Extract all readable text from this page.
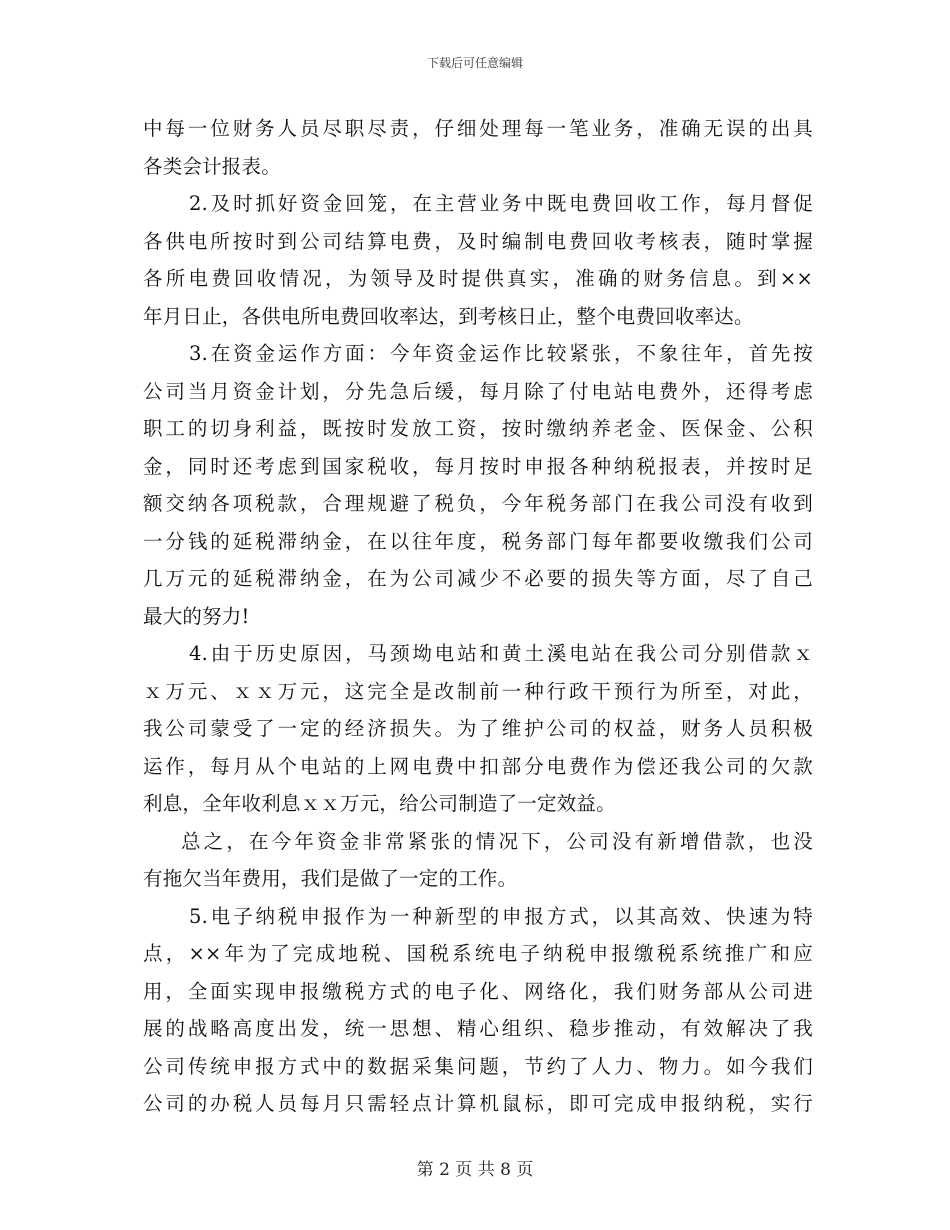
下载后可任意编辑
中每一位财务人员尽职尽责，仔细处理每一笔业务，准确无误的出具
各类会计报表。
2.及时抓好资金回笼，在主营业务中既电费回收工作，每月督促
各供电所按时到公司结算电费，及时编制电费回收考核表，随时掌握
各所电费回收情况，为领导及时提供真实，准确的财务信息。到××
年月日止，各供电所电费回收率达，到考核日止，整个电费回收率达。
3.在资金运作方面：今年资金运作比较紧张，不象往年，首先按
公司当月资金计划，分先急后缓，每月除了付电站电费外，还得考虑
职工的切身利益，既按时发放工资，按时缴纳养老金、医保金、公积
金，同时还考虑到国家税收，每月按时申报各种纳税报表，并按时足
额交纳各项税款，合理规避了税负，今年税务部门在我公司没有收到
一分钱的延税滞纳金，在以往年度，税务部门每年都要收缴我们公司
几万元的延税滞纳金，在为公司减少不必要的损失等方面，尽了自己
最大的努力!
4.由于历史原因，马颈坳电站和黄土溪电站在我公司分别借款ｘ
ｘ万元、ｘｘ万元，这完全是改制前一种行政干预行为所至，对此，
我公司蒙受了一定的经济损失。为了维护公司的权益，财务人员积极
运作，每月从个电站的上网电费中扣部分电费作为偿还我公司的欠款
利息，全年收利息ｘｘ万元，给公司制造了一定效益。
总之，在今年资金非常紧张的情况下，公司没有新增借款，也没
有拖欠当年费用，我们是做了一定的工作。
5.电子纳税申报作为一种新型的申报方式，以其高效、快速为特
点，××年为了完成地税、国税系统电子纳税申报缴税系统推广和应
用，全面实现申报缴税方式的电子化、网络化，我们财务部从公司进
展的战略高度出发，统一思想、精心组织、稳步推动，有效解决了我
公司传统申报方式中的数据采集问题，节约了人力、物力。如今我们
公司的办税人员每月只需轻点计算机鼠标，即可完成申报纳税，实行
第 2 页 共 8 页
